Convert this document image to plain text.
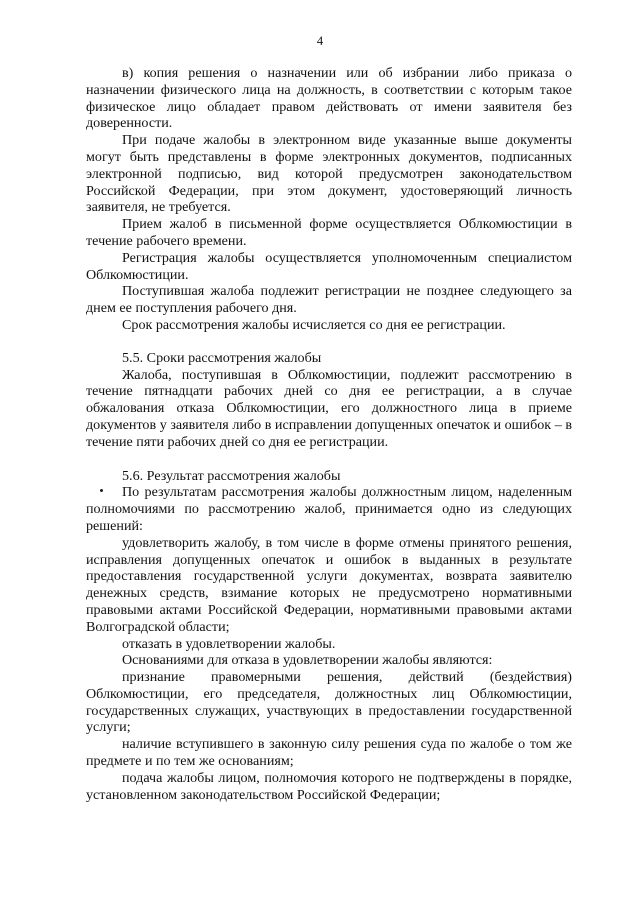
4

в) копия решения о назначении или об избрании либо приказа о назначении физического лица на должность, в соответствии с которым такое физическое лицо обладает правом действовать от имени заявителя без доверенности.

При подаче жалобы в электронном виде указанные выше документы могут быть представлены в форме электронных документов, подписанных электронной подписью, вид которой предусмотрен законодательством Российской Федерации, при этом документ, удостоверяющий личность заявителя, не требуется.

Прием жалоб в письменной форме осуществляется Облкомюстиции в течение рабочего времени.

Регистрация жалобы осуществляется уполномоченным специалистом Облкомюстиции.

Поступившая жалоба подлежит регистрации не позднее следующего за днем ее поступления рабочего дня.

Срок рассмотрения жалобы исчисляется со дня ее регистрации.

5.5. Сроки рассмотрения жалобы

Жалоба, поступившая в Облкомюстиции, подлежит рассмотрению в течение пятнадцати рабочих дней со дня ее регистрации, а в случае обжалования отказа Облкомюстиции, его должностного лица в приеме документов у заявителя либо в исправлении допущенных опечаток и ошибок – в течение пяти рабочих дней со дня ее регистрации.

5.6. Результат рассмотрения жалобы

По результатам рассмотрения жалобы должностным лицом, наделенным полномочиями по рассмотрению жалоб, принимается одно из следующих решений:

удовлетворить жалобу, в том числе в форме отмены принятого решения, исправления допущенных опечаток и ошибок в выданных в результате предоставления государственной услуги документах, возврата заявителю денежных средств, взимание которых не предусмотрено нормативными правовыми актами Российской Федерации, нормативными правовыми актами Волгоградской области;

отказать в удовлетворении жалобы.

Основаниями для отказа в удовлетворении жалобы являются:

признание правомерными решения, действий (бездействия) Облкомюстиции, его председателя, должностных лиц Облкомюстиции, государственных служащих, участвующих в предоставлении государственной услуги;

наличие вступившего в законную силу решения суда по жалобе о том же предмете и по тем же основаниям;

подача жалобы лицом, полномочия которого не подтверждены в порядке, установленном законодательством Российской Федерации;
